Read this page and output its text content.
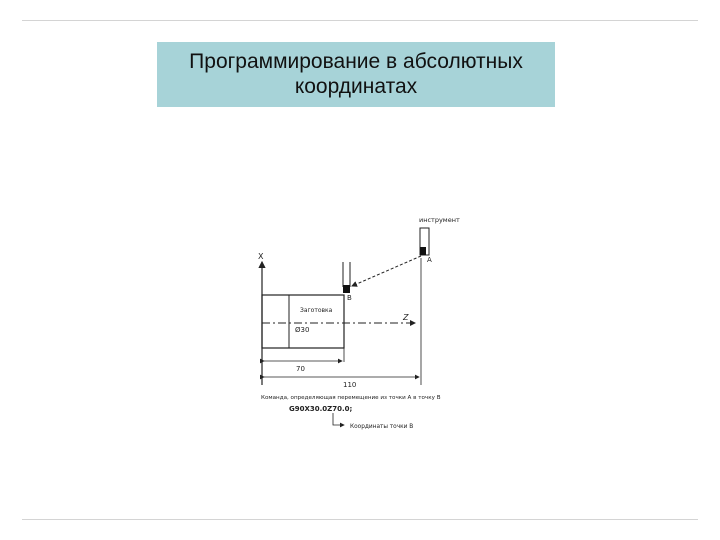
Программирование в абсолютных
координатах
X
Z
Заготовка
Ø30
B
инструмент
A
70
110
Команда, определяющая перемещение из точки A в точку B
G90X30.0Z70.0;
Координаты точки B
